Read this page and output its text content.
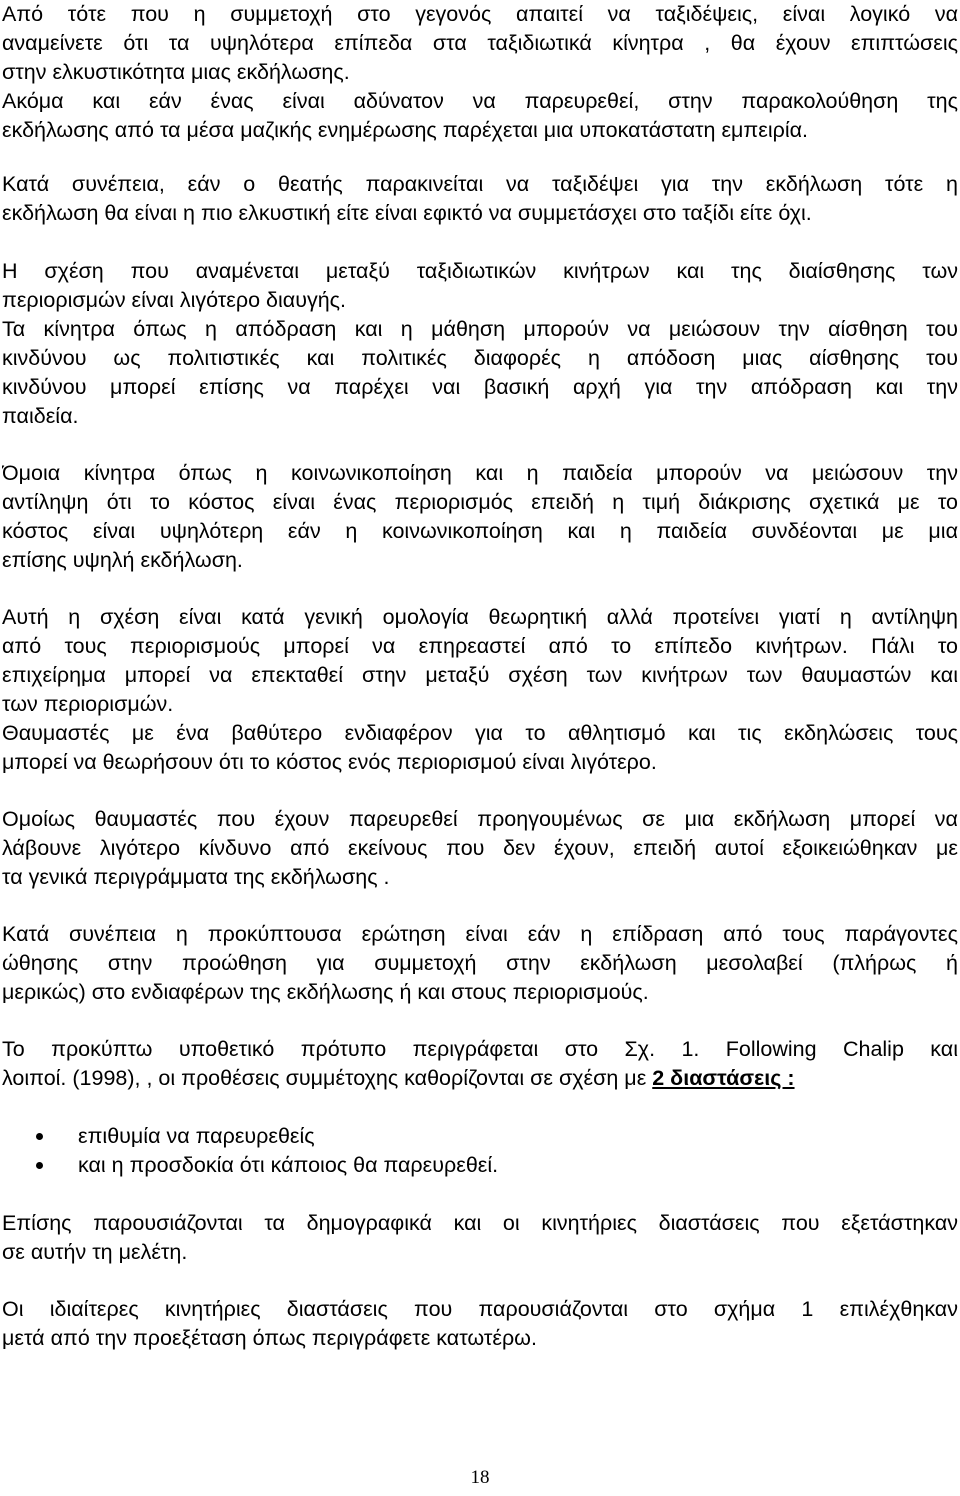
Από τότε που η συμμετοχή στο γεγονός απαιτεί να ταξιδέψεις, είναι λογικό να
αναμείνετε ότι τα υψηλότερα επίπεδα στα ταξιδιωτικά κίνητρα , θα έχουν επιπτώσεις
στην ελκυστικότητα μιας εκδήλωσης.
Ακόμα και εάν ένας είναι αδύνατον να παρευρεθεί, στην παρακολούθηση της
εκδήλωσης από τα μέσα μαζικής ενημέρωσης παρέχεται μια υποκατάστατη εμπειρία.
Κατά συνέπεια, εάν ο θεατής παρακινείται να ταξιδέψει για την εκδήλωση τότε η
εκδήλωση θα είναι η πιο ελκυστική είτε είναι εφικτό να συμμετάσχει στο ταξίδι είτε όχι.
Η σχέση που αναμένεται μεταξύ ταξιδιωτικών κινήτρων και της διαίσθησης των
περιορισμών είναι λιγότερο διαυγής.
Τα κίνητρα όπως η απόδραση και η μάθηση μπορούν να μειώσουν την αίσθηση του
κινδύνου ως πολιτιστικές και πολιτικές διαφορές η απόδοση μιας αίσθησης του
κινδύνου μπορεί επίσης να παρέχει ναι βασική αρχή για την απόδραση και την
παιδεία.
Όμοια κίνητρα όπως η κοινωνικοποίηση και η παιδεία μπορούν να μειώσουν την
αντίληψη ότι το κόστος είναι ένας περιορισμός επειδή η τιμή διάκρισης σχετικά με το
κόστος είναι υψηλότερη εάν η κοινωνικοποίηση και η παιδεία συνδέονται με μια
επίσης υψηλή εκδήλωση.
Αυτή η σχέση είναι κατά γενική ομολογία θεωρητική αλλά προτείνει γιατί η αντίληψη
από τους περιορισμούς μπορεί να επηρεαστεί από το επίπεδο κινήτρων. Πάλι το
επιχείρημα μπορεί να επεκταθεί στην μεταξύ σχέση των κινήτρων των θαυμαστών και
των περιορισμών.
Θαυμαστές με ένα βαθύτερο ενδιαφέρον για το αθλητισμό και τις εκδηλώσεις τους
μπορεί να θεωρήσουν ότι το κόστος ενός περιορισμού είναι λιγότερο.
Ομοίως θαυμαστές που έχουν παρευρεθεί προηγουμένως σε μια εκδήλωση μπορεί να
λάβουνε λιγότερο κίνδυνο από εκείνους που δεν έχουν, επειδή αυτοί εξοικειώθηκαν με
τα γενικά περιγράμματα της εκδήλωσης .
Κατά συνέπεια η προκύπτουσα ερώτηση είναι εάν η επίδραση από τους παράγοντες
ώθησης στην προώθηση για συμμετοχή στην εκδήλωση μεσολαβεί (πλήρως ή
μερικώς) στο ενδιαφέρων της εκδήλωσης ή και στους περιορισμούς.
Το προκύπτω υποθετικό πρότυπο περιγράφεται στο Σχ. 1. Following Chalip και
λοιποί. (1998), , οι προθέσεις συμμέτοχης καθορίζονται σε σχέση με 2 διαστάσεις :
επιθυμία να παρευρεθείς
και η προσδοκία ότι κάποιος θα παρευρεθεί.
Επίσης παρουσιάζονται τα δημογραφικά και οι κινητήριες διαστάσεις που εξετάστηκαν
σε αυτήν τη μελέτη.
Οι ιδιαίτερες κινητήριες διαστάσεις που παρουσιάζονται στο σχήμα 1 επιλέχθηκαν
μετά από την προεξέταση όπως περιγράφετε κατωτέρω.
18
